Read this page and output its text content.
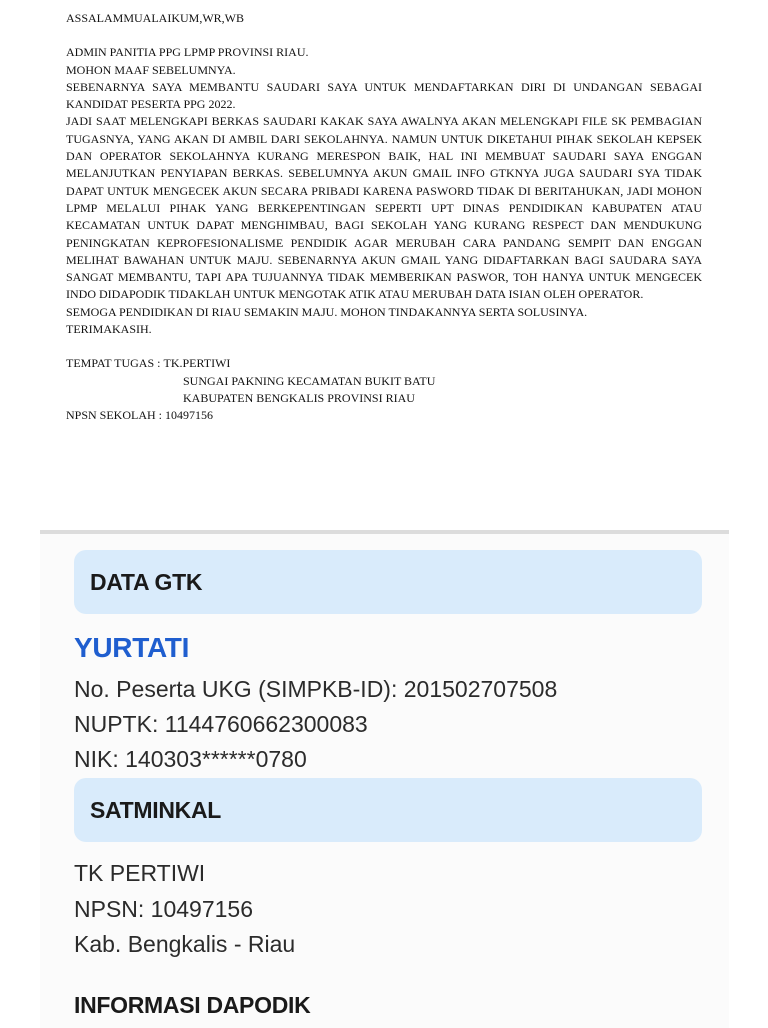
ASSALAMMUALAIKUM,WR,WB

ADMIN PANITIA PPG LPMP PROVINSI RIAU.

MOHON MAAF SEBELUMNYA.

SEBENARNYA SAYA MEMBANTU SAUDARI SAYA UNTUK MENDAFTARKAN DIRI DI UNDANGAN SEBAGAI KANDIDAT PESERTA PPG 2022.

JADI SAAT MELENGKAPI BERKAS SAUDARI KAKAK SAYA AWALNYA AKAN MELENGKAPI FILE SK PEMBAGIAN TUGASNYA, YANG AKAN DI AMBIL DARI SEKOLAHNYA. NAMUN UNTUK DIKETAHUI PIHAK SEKOLAH KEPSEK DAN OPERATOR SEKOLAHNYA KURANG MERESPON BAIK, HAL INI MEMBUAT SAUDARI SAYA ENGGAN MELANJUTKAN PENYIAPAN BERKAS. SEBELUMNYA AKUN GMAIL INFO GTKNYA JUGA SAUDARI SYA TIDAK DAPAT UNTUK MENGECEK AKUN SECARA PRIBADI KARENA PASWORD TIDAK DI BERITAHUKAN, JADI MOHON LPMP MELALUI PIHAK YANG BERKEPENTINGAN SEPERTI UPT DINAS PENDIDIKAN KABUPATEN ATAU KECAMATAN UNTUK DAPAT MENGHIMBAU, BAGI SEKOLAH YANG KURANG RESPECT DAN MENDUKUNG PENINGKATAN KEPROFESIONALISME PENDIDIK AGAR MERUBAH CARA PANDANG SEMPIT DAN ENGGAN MELIHAT BAWAHAN UNTUK MAJU. SEBENARNYA AKUN GMAIL YANG DIDAFTARKAN BAGI SAUDARA SAYA SANGAT MEMBANTU, TAPI APA TUJUANNYA TIDAK MEMBERIKAN PASWOR, TOH HANYA UNTUK MENGECEK INDO DIDAPODIK TIDAKLAH UNTUK MENGOTAK ATIK ATAU MERUBAH DATA ISIAN OLEH OPERATOR.

SEMOGA PENDIDIKAN DI RIAU SEMAKIN MAJU. MOHON TINDAKANNYA SERTA SOLUSINYA.

TERIMAKASIH.

TEMPAT TUGAS : TK.PERTIWI
SUNGAI PAKNING KECAMATAN BUKIT BATU
KABUPATEN BENGKALIS PROVINSI RIAU
NPSN SEKOLAH : 10497156
DATA GTK
YURTATI
No. Peserta UKG (SIMPKB-ID): 201502707508
NUPTK: 1144760662300083
NIK: 140303******0780
SATMINKAL
TK PERTIWI
NPSN: 10497156
Kab. Bengkalis - Riau
INFORMASI DAPODIK
